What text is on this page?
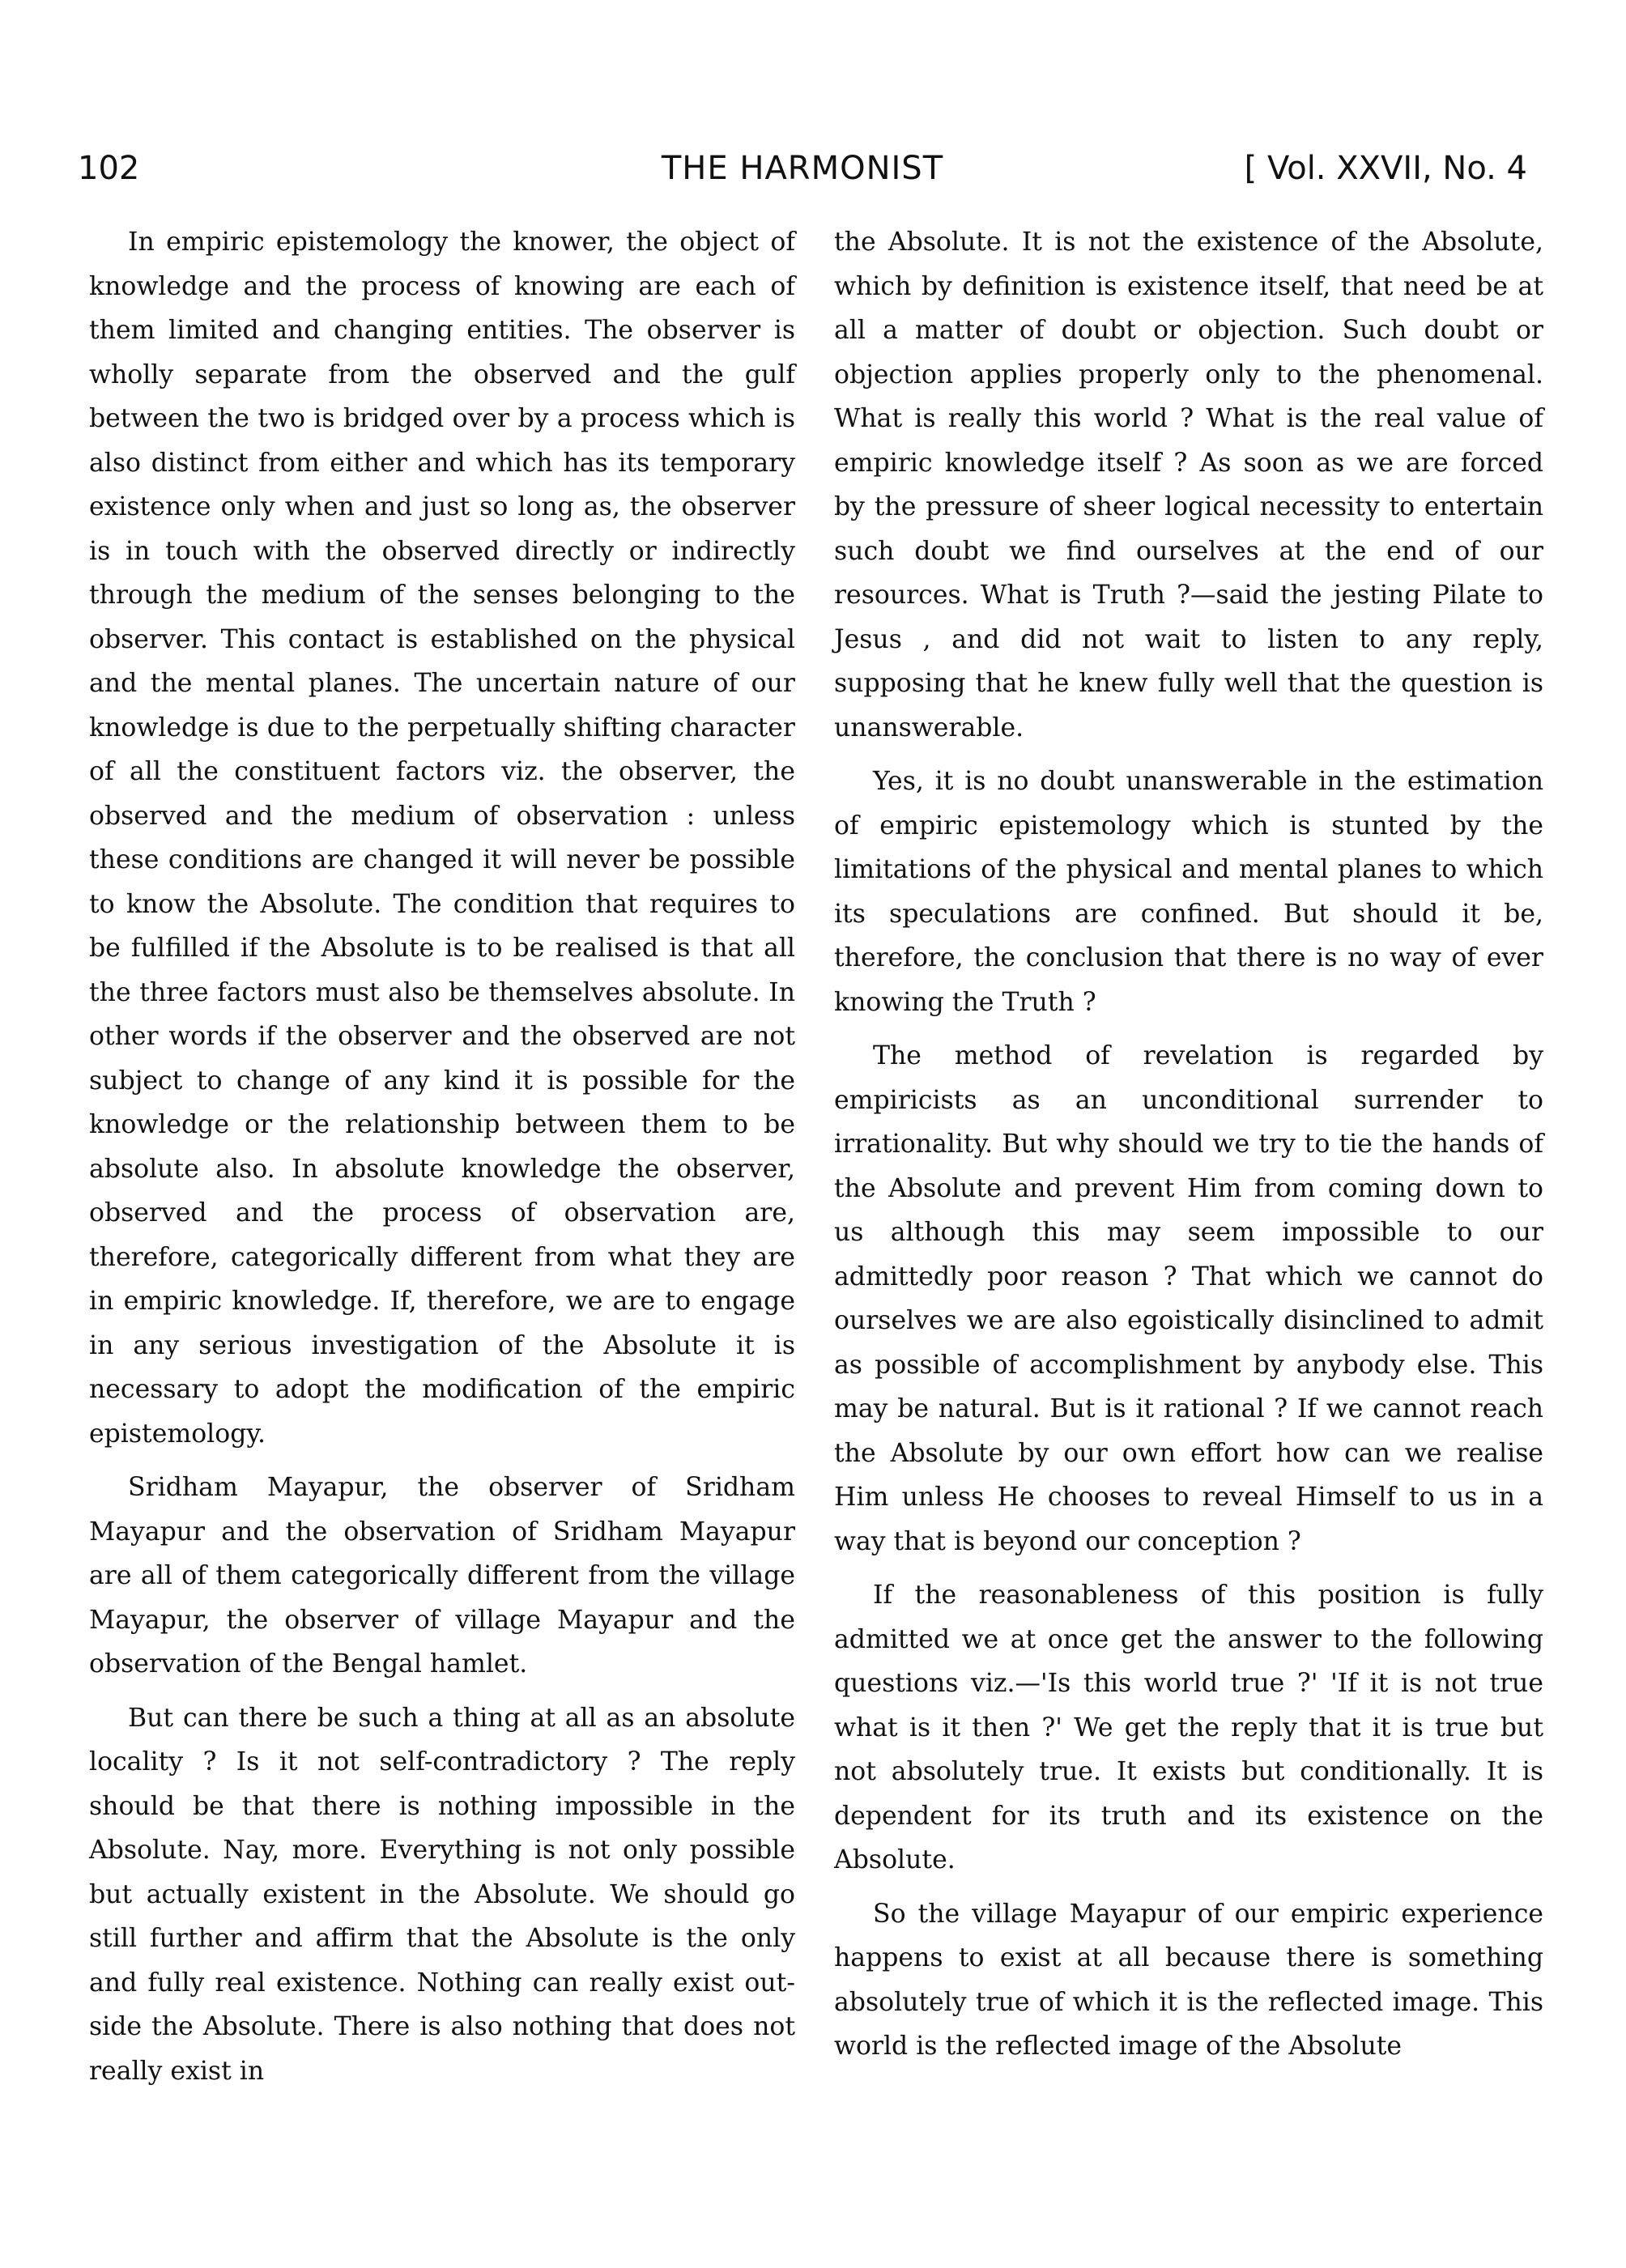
102	THE HARMONIST	[ Vol. XXVII, No. 4

In empiric epistemology the knower, the object of knowledge and the process of knowing are each of them limited and changing entities. The observer is wholly separate from the observed and the gulf between the two is bridged over by a process which is also distinct from either and which has its temporary existence only when and just so long as, the observer is in touch with the observed directly or indirectly through the medium of the senses belonging to the observer. This contact is established on the physical and the mental planes. The uncertain nature of our knowledge is due to the perpetually shifting character of all the constituent factors viz. the observer, the observed and the medium of observation : unless these conditions are changed it will never be possible to know the Absolute. The condition that requires to be fulfilled if the Absolute is to be realised is that all the three factors must also be themselves absolute. In other words if the observer and the observed are not subject to change of any kind it is possible for the knowledge or the relationship between them to be absolute also. In absolute knowledge the observer, observed and the process of observation are, therefore, categorically different from what they are in empiric knowledge. If, therefore, we are to engage in any serious investigation of the Absolute it is necessary to adopt the modification of the empiric epistemology.

Sridham Mayapur, the observer of Sridham Mayapur and the observation of Sridham Mayapur are all of them categorically different from the village Mayapur, the observer of village Mayapur and the observation of the Bengal hamlet.

But can there be such a thing at all as an absolute locality ? Is it not self-contradictory ? The reply should be that there is nothing impossible in the Absolute. Nay, more. Everything is not only possible but actually existent in the Absolute. We should go still further and affirm that the Absolute is the only and fully real existence. Nothing can really exist out-side the Absolute. There is also nothing that does not really exist in

the Absolute. It is not the existence of the Absolute, which by definition is existence itself, that need be at all a matter of doubt or objection. Such doubt or objection applies properly only to the phenomenal. What is really this world ? What is the real value of empiric knowledge itself ? As soon as we are forced by the pressure of sheer logical necessity to entertain such doubt we find ourselves at the end of our resources. What is Truth ?—said the jesting Pilate to Jesus , and did not wait to listen to any reply, supposing that he knew fully well that the question is unanswerable.

Yes, it is no doubt unanswerable in the estimation of empiric epistemology which is stunted by the limitations of the physical and mental planes to which its speculations are confined. But should it be, therefore, the conclusion that there is no way of ever knowing the Truth ?

The method of revelation is regarded by empiricists as an unconditional surrender to irrationality. But why should we try to tie the hands of the Absolute and prevent Him from coming down to us although this may seem impossible to our admittedly poor reason ? That which we cannot do ourselves we are also egoistically disinclined to admit as possible of accomplishment by anybody else. This may be natural. But is it rational ? If we cannot reach the Absolute by our own effort how can we realise Him unless He chooses to reveal Himself to us in a way that is beyond our conception ?

If the reasonableness of this position is fully admitted we at once get the answer to the following questions viz.—'Is this world true ?' 'If it is not true what is it then ?' We get the reply that it is true but not absolutely true. It exists but conditionally. It is dependent for its truth and its existence on the Absolute.

So the village Mayapur of our empiric experience happens to exist at all because there is something absolutely true of which it is the reflected image. This world is the reflected image of the Absolute
